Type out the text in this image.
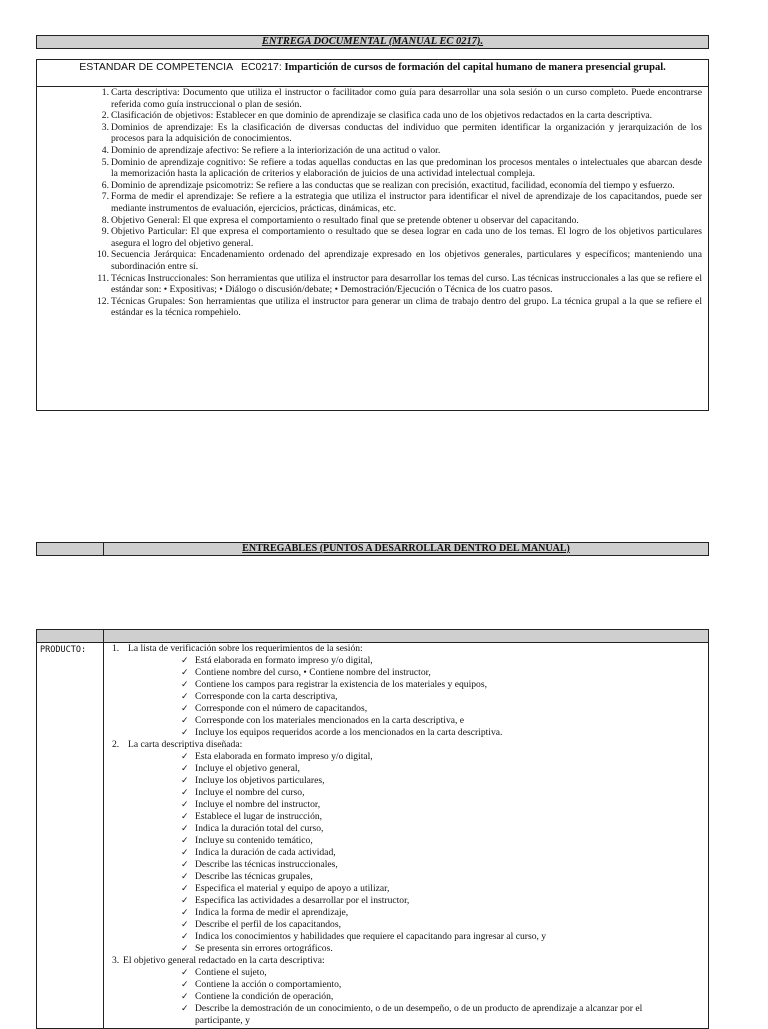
ENTREGA DOCUMENTAL (MANUAL EC 0217).
ESTANDAR DE COMPETENCIA EC0217: Impartición de cursos de formación del capital humano de manera presencial grupal.
1. Carta descriptiva: Documento que utiliza el instructor o facilitador como guía para desarrollar una sola sesión o un curso completo. Puede encontrarse referida como guía instruccional o plan de sesión.
2. Clasificación de objetivos: Establecer en que dominio de aprendizaje se clasifica cada uno de los objetivos redactados en la carta descriptiva.
3. Dominios de aprendizaje: Es la clasificación de diversas conductas del individuo que permiten identificar la organización y jerarquización de los procesos para la adquisición de conocimientos.
4. Dominio de aprendizaje afectivo: Se refiere a la interiorización de una actitud o valor.
5. Dominio de aprendizaje cognitivo: Se refiere a todas aquellas conductas en las que predominan los procesos mentales o intelectuales que abarcan desde la memorización hasta la aplicación de criterios y elaboración de juicios de una actividad intelectual compleja.
6. Dominio de aprendizaje psicomotriz: Se refiere a las conductas que se realizan con precisión, exactitud, facilidad, economía del tiempo y esfuerzo.
7. Forma de medir el aprendizaje: Se refiere a la estrategia que utiliza el instructor para identificar el nivel de aprendizaje de los capacitandos, puede ser mediante instrumentos de evaluación, ejercicios, prácticas, dinámicas, etc.
8. Objetivo General: El que expresa el comportamiento o resultado final que se pretende obtener u observar del capacitando.
9. Objetivo Particular: El que expresa el comportamiento o resultado que se desea lograr en cada uno de los temas. El logro de los objetivos particulares asegura el logro del objetivo general.
10. Secuencia Jerárquica: Encadenamiento ordenado del aprendizaje expresado en los objetivos generales, particulares y específicos; manteniendo una subordinación entre sí.
11. Técnicas Instruccionales: Son herramientas que utiliza el instructor para desarrollar los temas del curso. Las técnicas instruccionales a las que se refiere el estándar son: • Expositivas; • Diálogo o discusión/debate; • Demostración/Ejecución o Técnica de los cuatro pasos.
12. Técnicas Grupales: Son herramientas que utiliza el instructor para generar un clima de trabajo dentro del grupo. La técnica grupal a la que se refiere el estándar es la técnica rompehielo.
ENTREGABLES (PUNTOS A DESARROLLAR DENTRO DEL MANUAL)
PRODUCTO:	1. La lista de verificación sobre los requerimientos de la sesión:
✓ Está elaborada en formato impreso y/o digital,
✓ Contiene nombre del curso, • Contiene nombre del instructor,
✓ Contiene los campos para registrar la existencia de los materiales y equipos,
✓ Corresponde con la carta descriptiva,
✓ Corresponde con el número de capacitandos,
✓ Corresponde con los materiales mencionados en la carta descriptiva, e
✓ Incluye los equipos requeridos acorde a los mencionados en la carta descriptiva.
2. La carta descriptiva diseñada:
✓ Esta elaborada en formato impreso y/o digital,
✓ Incluye el objetivo general,
✓ Incluye los objetivos particulares,
✓ Incluye el nombre del curso,
✓ Incluye el nombre del instructor,
✓ Establece el lugar de instrucción,
✓ Indica la duración total del curso,
✓ Incluye su contenido temático,
✓ Indica la duración de cada actividad,
✓ Describe las técnicas instruccionales,
✓ Describe las técnicas grupales,
✓ Especifica el material y equipo de apoyo a utilizar,
✓ Especifica las actividades a desarrollar por el instructor,
✓ Indica la forma de medir el aprendizaje,
✓ Describe el perfil de los capacitandos,
✓ Indica los conocimientos y habilidades que requiere el capacitando para ingresar al curso, y
✓ Se presenta sin errores ortográficos.
3. El objetivo general redactado en la carta descriptiva:
✓ Contiene el sujeto,
✓ Contiene la acción o comportamiento,
✓ Contiene la condición de operación,
✓ Describe la demostración de un conocimiento, o de un desempeño, o de un producto de aprendizaje a alcanzar por el participante, y
